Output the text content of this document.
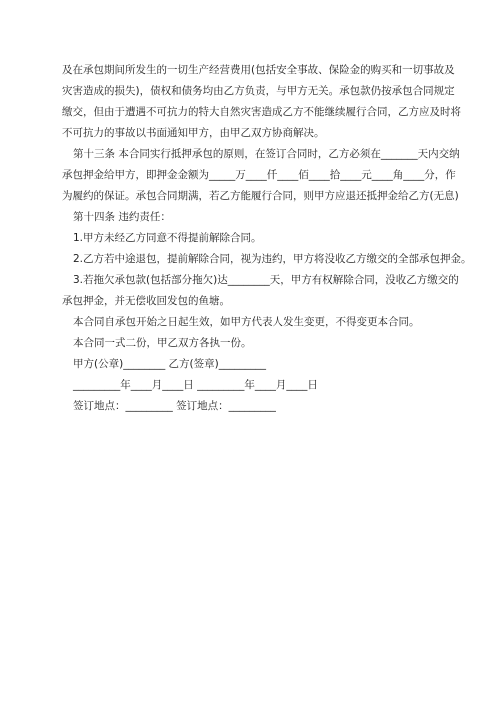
及在承包期间所发生的一切生产经营费用(包括安全事故、保险金的购买和一切事故及
灾害造成的损失)，债权和债务均由乙方负责，与甲方无关。承包款仍按承包合同规定
缴交，但由于遭遇不可抗力的特大自然灾害造成乙方不能继续履行合同，乙方应及时将
不可抗力的事故以书面通知甲方，由甲乙双方协商解决。
第十三条 本合同实行抵押承包的原则，在签订合同时，乙方必须在_______天内交纳
承包押金给甲方，即押金金额为_____万____仟____佰____拾____元____角____分，作
为履约的保证。承包合同期满，若乙方能履行合同，则甲方应退还抵押金给乙方(无息)
第十四条 违约责任：
1.甲方未经乙方同意不得提前解除合同。
2.乙方若中途退包，提前解除合同，视为违约，甲方将没收乙方缴交的全部承包押金。
3.若拖欠承包款(包括部分拖欠)达________天，甲方有权解除合同，没收乙方缴交的
承包押金，并无偿收回发包的鱼塘。
本合同自承包开始之日起生效，如甲方代表人发生变更，不得变更本合同。
本合同一式二份，甲乙双方各执一份。
甲方(公章)________ 乙方(签章)_________
_________年____月____日 _________年____月____日
签订地点：_________ 签订地点：_________
